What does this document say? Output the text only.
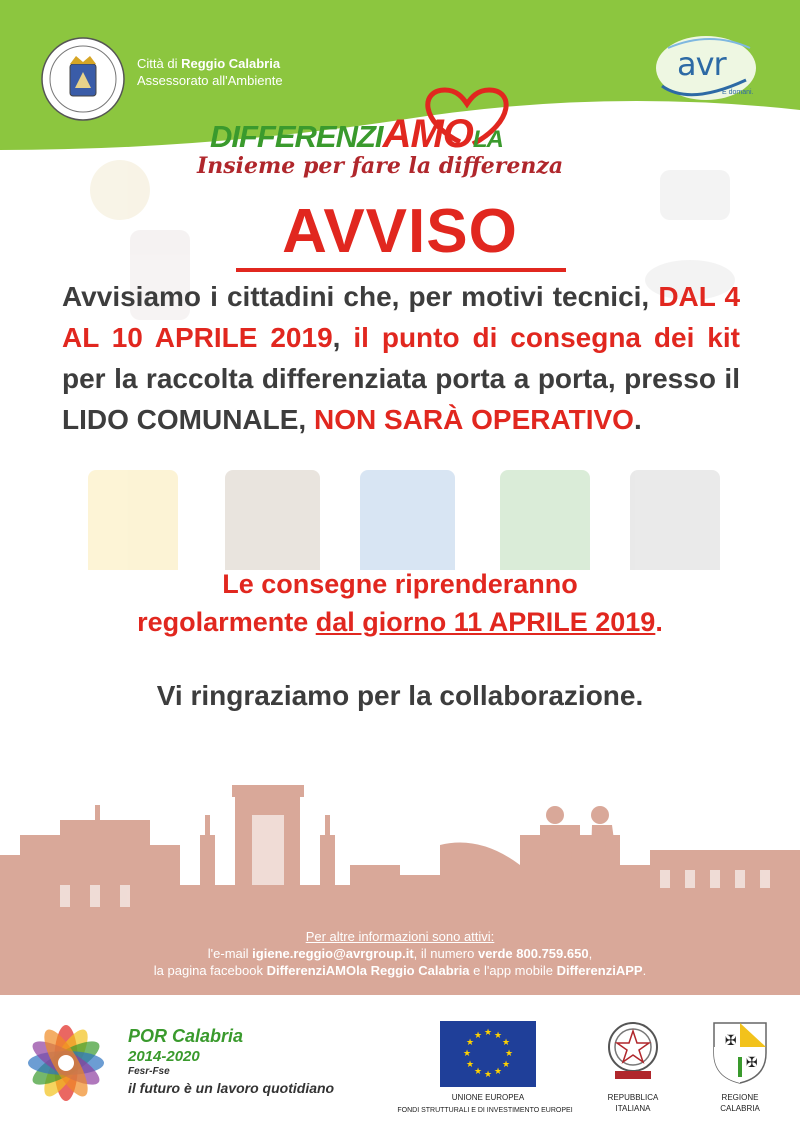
Città di Reggio Calabria
Assessorato all'Ambiente	avr
È domani.
DIFFERENZIAMOLA
Insieme per fare la differenza
AVVISO
Avvisiamo i cittadini che, per motivi tecnici, DAL 4 AL 10 APRILE 2019, il punto di consegna dei kit per la raccolta differenziata porta a porta, presso il LIDO COMUNALE, NON SARÀ OPERATIVO.
Le consegne riprenderanno
regolarmente dal giorno 11 APRILE 2019.
Vi ringraziamo per la collaborazione.
Per altre informazioni sono attivi:
l'e-mail igiene.reggio@avrgroup.it, il numero verde 800.759.650,
la pagina facebook DifferenziAMOla Reggio Calabria e l'app mobile DifferenziAPP.
POR Calabria
2014-2020
Fesr-Fse
il futuro è un lavoro quotidiano
★ ★
★
★
★
★
★
★
★
★
★
★
UNIONE EUROPEA
FONDI STRUTTURALI E DI INVESTIMENTO EUROPEI
REPUBBLICA
ITALIANA
✠
✠
REGIONE
CALABRIA
